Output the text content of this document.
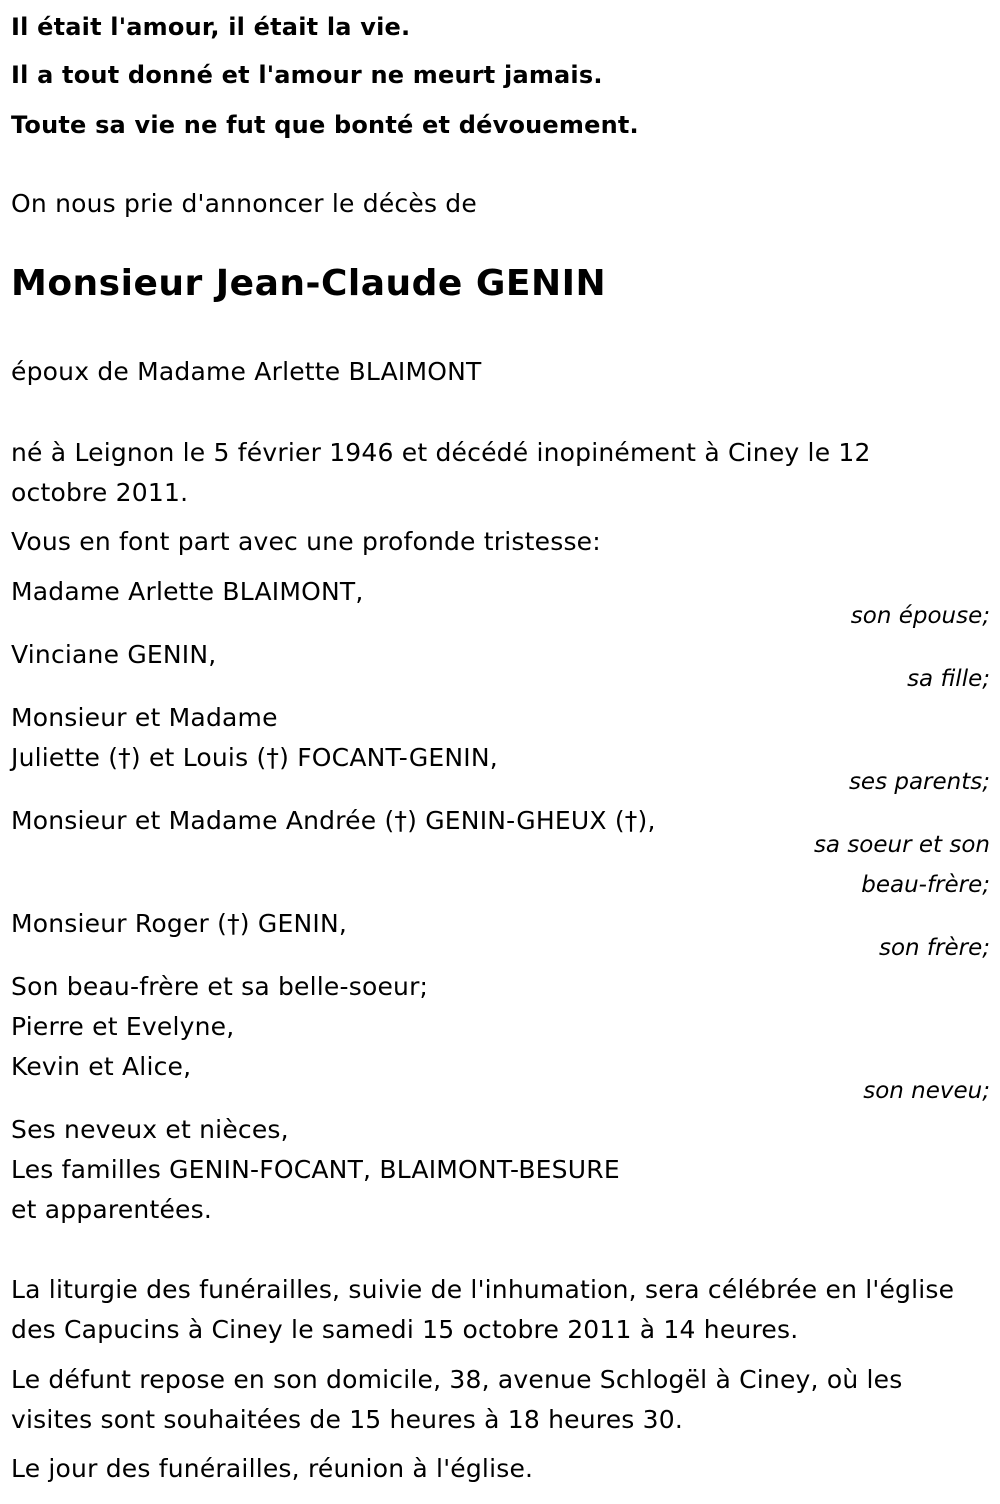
Il était l'amour, il était la vie.
Il a tout donné et l'amour ne meurt jamais.
Toute sa vie ne fut que bonté et dévouement.
On nous prie d'annoncer le décès de
Monsieur Jean-Claude GENIN
époux de Madame Arlette BLAIMONT
né à Leignon le 5 février 1946 et décédé inopinément à Ciney le 12
octobre 2011.
Vous en font part avec une profonde tristesse:
Madame Arlette BLAIMONT,
son épouse;
Vinciane GENIN,
sa fille;
Monsieur et Madame
Juliette (†) et Louis (†) FOCANT-GENIN,
ses parents;
Monsieur et Madame Andrée (†) GENIN-GHEUX (†),
sa soeur et son
beau-frère;
Monsieur Roger (†) GENIN,
son frère;
Son beau-frère et sa belle-soeur;
Pierre et Evelyne,
Kevin et Alice,
son neveu;
Ses neveux et nièces,
Les familles GENIN-FOCANT, BLAIMONT-BESURE
et apparentées.
La liturgie des funérailles, suivie de l'inhumation, sera célébrée en l'église
des Capucins à Ciney le samedi 15 octobre 2011 à 14 heures.
Le défunt repose en son domicile, 38, avenue Schlogël à Ciney, où les
visites sont souhaitées de 15 heures à 18 heures 30.
Le jour des funérailles, réunion à l'église.
